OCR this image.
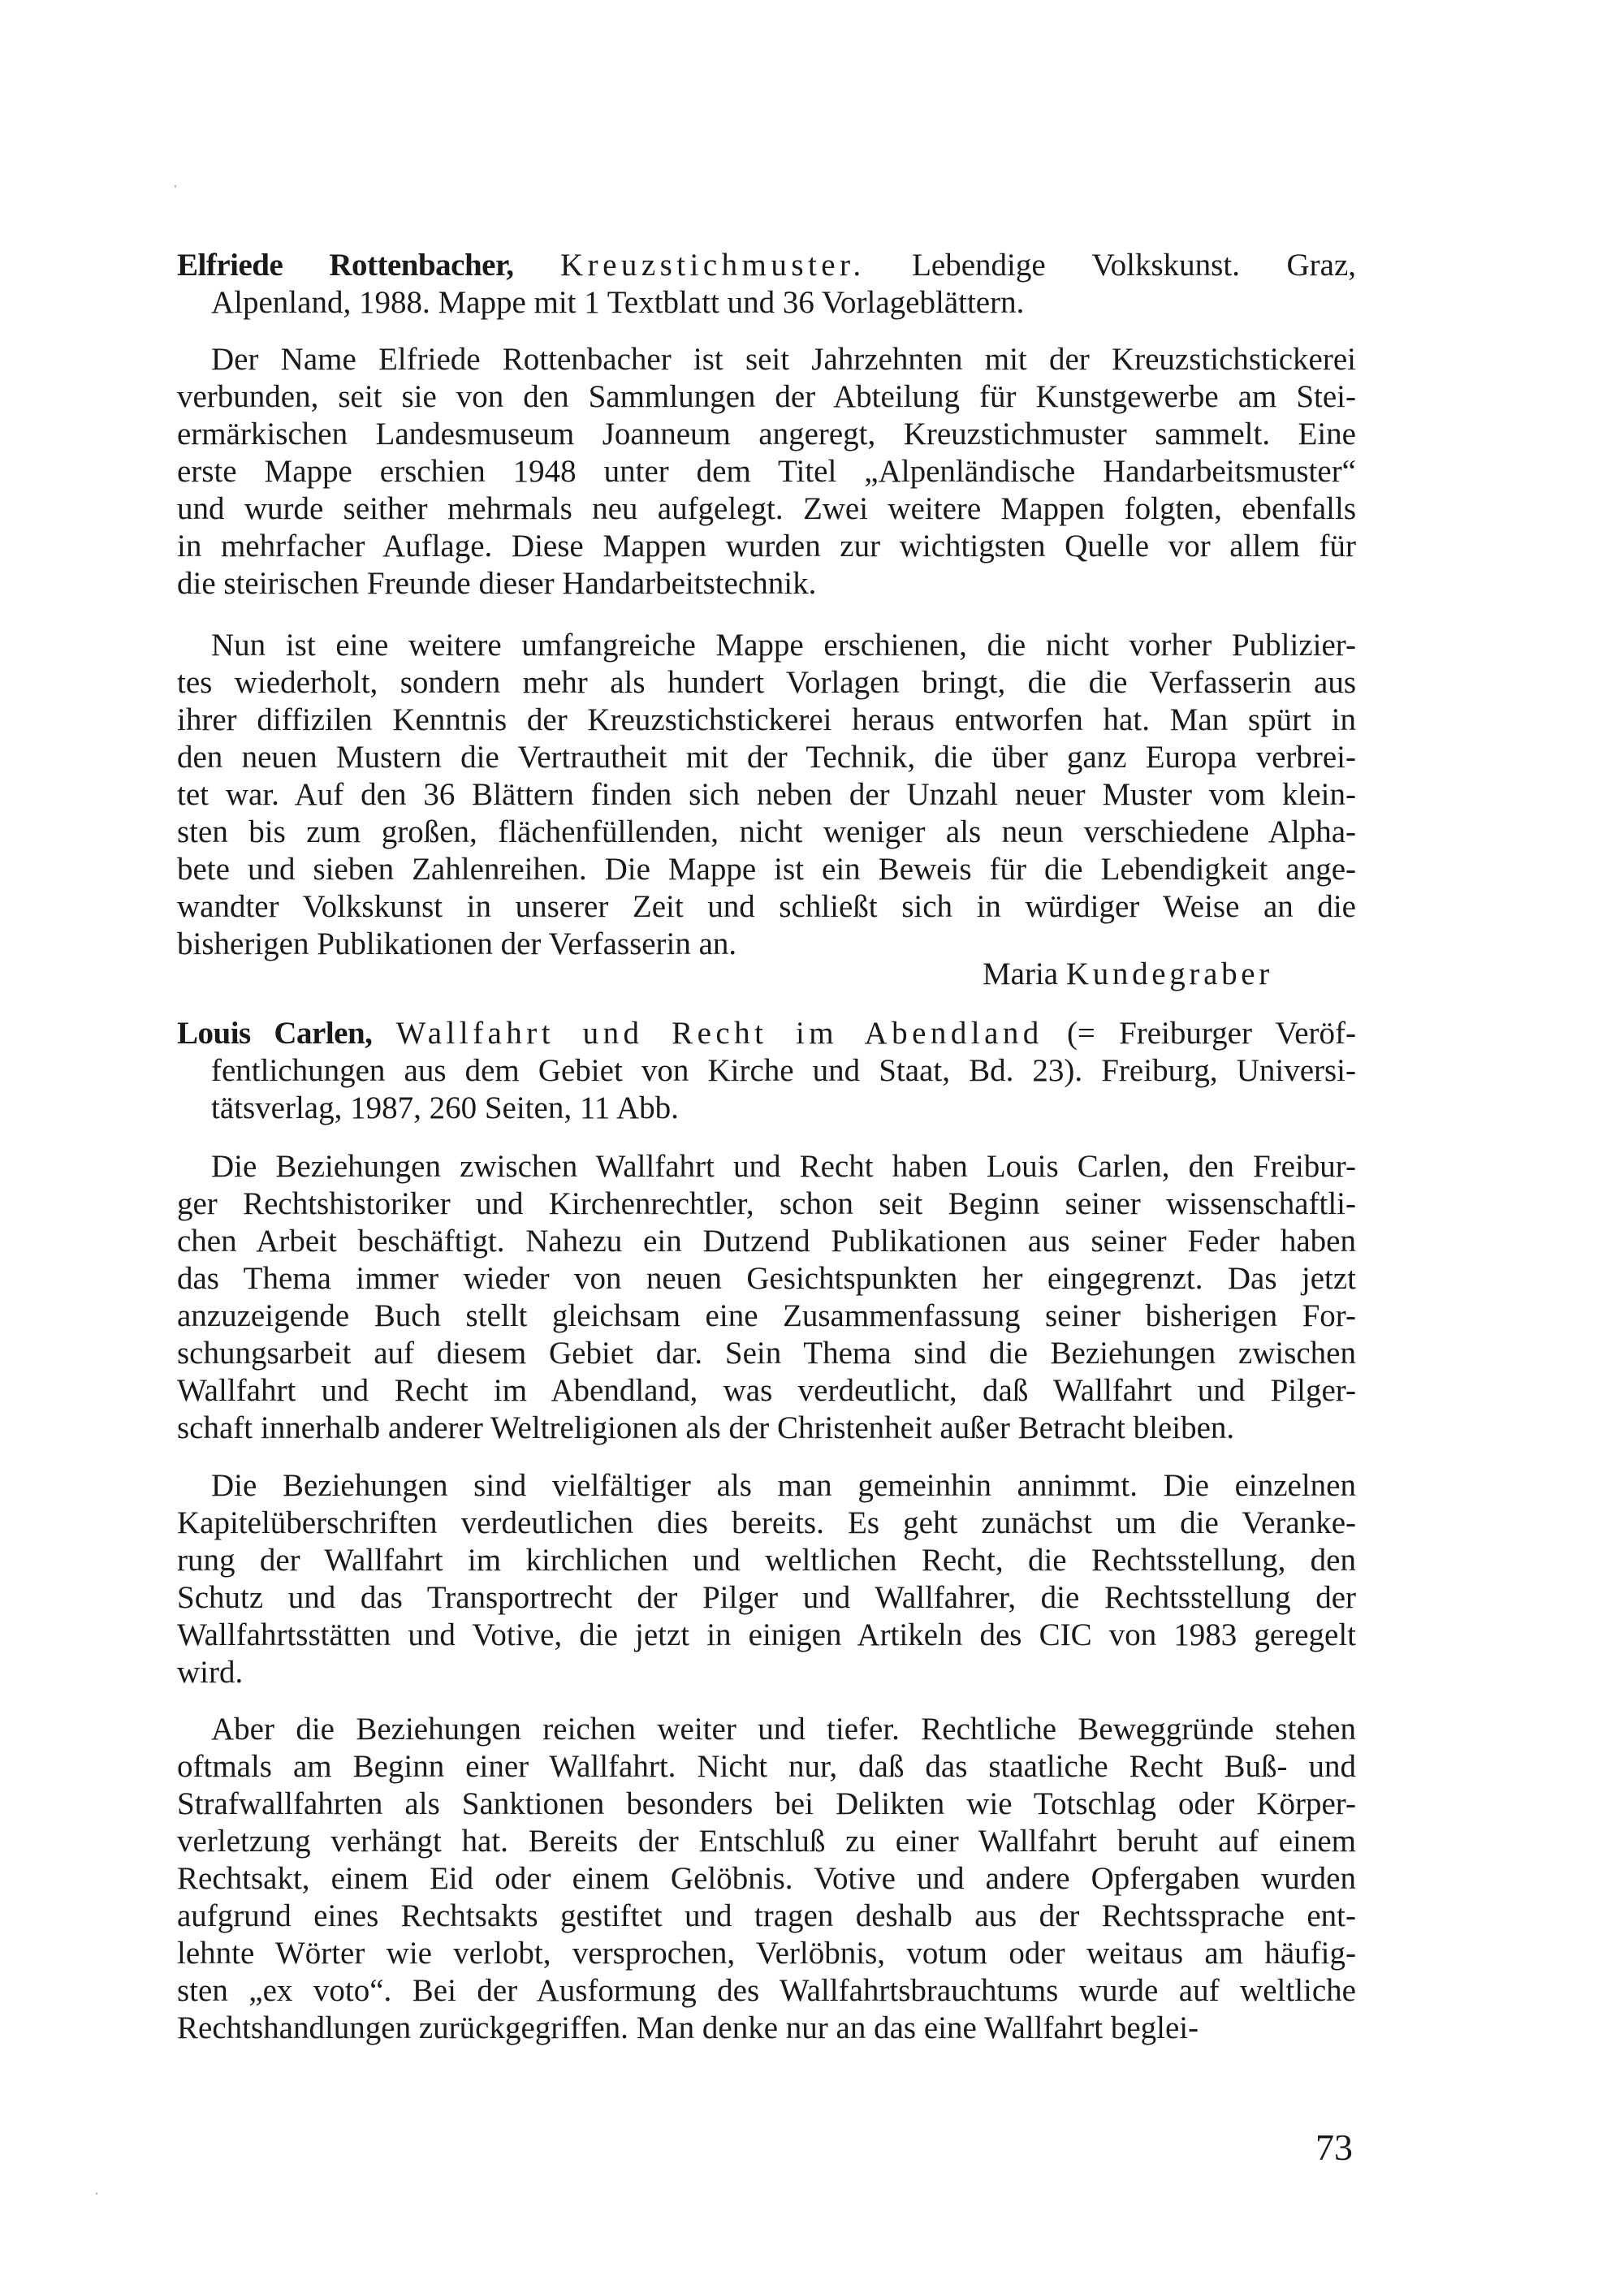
Elfriede Rottenbacher, Kreuzstichmuster. Lebendige Volkskunst. Graz,
Alpenland, 1988. Mappe mit 1 Textblatt und 36 Vorlageblättern.
Der Name Elfriede Rottenbacher ist seit Jahrzehnten mit der Kreuzstichstickerei
verbunden, seit sie von den Sammlungen der Abteilung für Kunstgewerbe am Stei-
ermärkischen Landesmuseum Joanneum angeregt, Kreuzstichmuster sammelt. Eine
erste Mappe erschien 1948 unter dem Titel „Alpenländische Handarbeitsmuster“
und wurde seither mehrmals neu aufgelegt. Zwei weitere Mappen folgten, ebenfalls
in mehrfacher Auflage. Diese Mappen wurden zur wichtigsten Quelle vor allem für
die steirischen Freunde dieser Handarbeitstechnik.
Nun ist eine weitere umfangreiche Mappe erschienen, die nicht vorher Publizier-
tes wiederholt, sondern mehr als hundert Vorlagen bringt, die die Verfasserin aus
ihrer diffizilen Kenntnis der Kreuzstichstickerei heraus entworfen hat. Man spürt in
den neuen Mustern die Vertrautheit mit der Technik, die über ganz Europa verbrei-
tet war. Auf den 36 Blättern finden sich neben der Unzahl neuer Muster vom klein-
sten bis zum großen, flächenfüllenden, nicht weniger als neun verschiedene Alpha-
bete und sieben Zahlenreihen. Die Mappe ist ein Beweis für die Lebendigkeit ange-
wandter Volkskunst in unserer Zeit und schließt sich in würdiger Weise an die
bisherigen Publikationen der Verfasserin an.
Maria Kundegraber
Louis Carlen, Wallfahrt und Recht im Abendland (= Freiburger Veröf-
fentlichungen aus dem Gebiet von Kirche und Staat, Bd. 23). Freiburg, Universi-
tätsverlag, 1987, 260 Seiten, 11 Abb.
Die Beziehungen zwischen Wallfahrt und Recht haben Louis Carlen, den Freibur-
ger Rechtshistoriker und Kirchenrechtler, schon seit Beginn seiner wissenschaftli-
chen Arbeit beschäftigt. Nahezu ein Dutzend Publikationen aus seiner Feder haben
das Thema immer wieder von neuen Gesichtspunkten her eingegrenzt. Das jetzt
anzuzeigende Buch stellt gleichsam eine Zusammenfassung seiner bisherigen For-
schungsarbeit auf diesem Gebiet dar. Sein Thema sind die Beziehungen zwischen
Wallfahrt und Recht im Abendland, was verdeutlicht, daß Wallfahrt und Pilger-
schaft innerhalb anderer Weltreligionen als der Christenheit außer Betracht bleiben.
Die Beziehungen sind vielfältiger als man gemeinhin annimmt. Die einzelnen
Kapitelüberschriften verdeutlichen dies bereits. Es geht zunächst um die Veranke-
rung der Wallfahrt im kirchlichen und weltlichen Recht, die Rechtsstellung, den
Schutz und das Transportrecht der Pilger und Wallfahrer, die Rechtsstellung der
Wallfahrtsstätten und Votive, die jetzt in einigen Artikeln des CIC von 1983 geregelt
wird.
Aber die Beziehungen reichen weiter und tiefer. Rechtliche Beweggründe stehen
oftmals am Beginn einer Wallfahrt. Nicht nur, daß das staatliche Recht Buß- und
Strafwallfahrten als Sanktionen besonders bei Delikten wie Totschlag oder Körper-
verletzung verhängt hat. Bereits der Entschluß zu einer Wallfahrt beruht auf einem
Rechtsakt, einem Eid oder einem Gelöbnis. Votive und andere Opfergaben wurden
aufgrund eines Rechtsakts gestiftet und tragen deshalb aus der Rechtssprache ent-
lehnte Wörter wie verlobt, versprochen, Verlöbnis, votum oder weitaus am häufig-
sten „ex voto“. Bei der Ausformung des Wallfahrtsbrauchtums wurde auf weltliche
Rechtshandlungen zurückgegriffen. Man denke nur an das eine Wallfahrt beglei-
73
